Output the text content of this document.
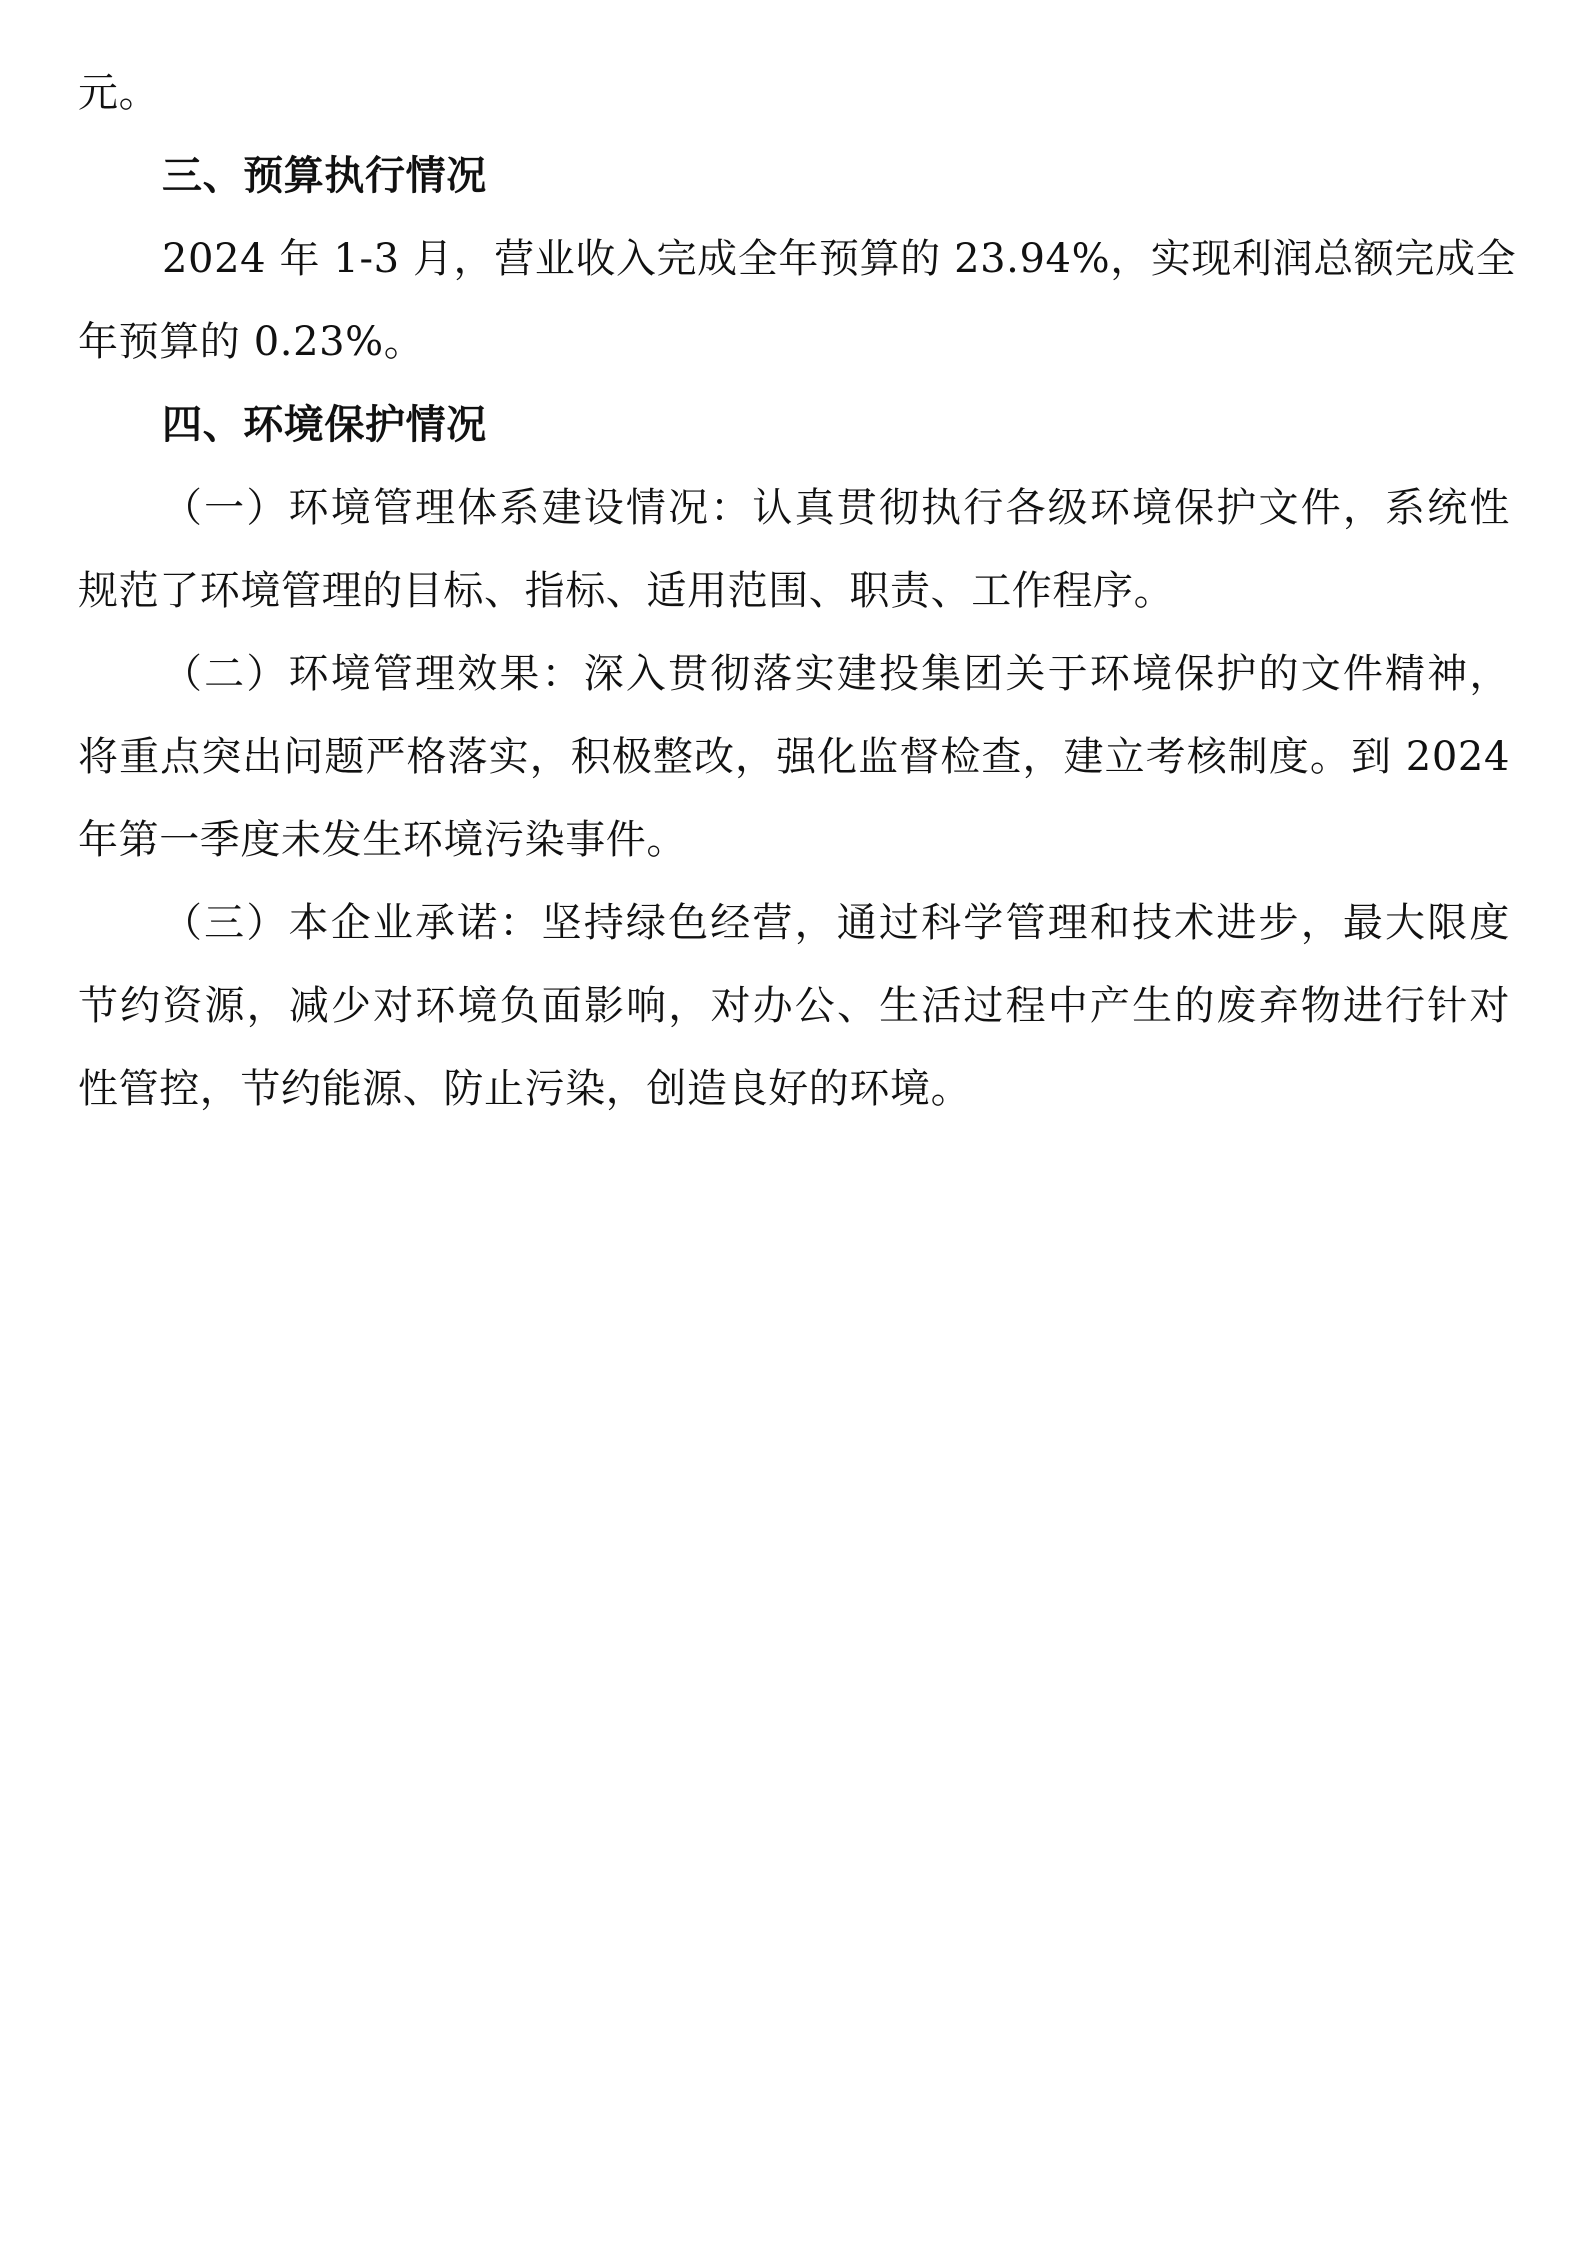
元。

三、预算执行情况

2024 年 1-3 月，营业收入完成全年预算的 23.94%，实现利润总额完成全

年预算的 0.23%。

四、环境保护情况

（一）环境管理体系建设情况：认真贯彻执行各级环境保护文件，系统性

规范了环境管理的目标、指标、适用范围、职责、工作程序。

（二）环境管理效果：深入贯彻落实建投集团关于环境保护的文件精神，

将重点突出问题严格落实，积极整改，强化监督检查，建立考核制度。到 2024

年第一季度未发生环境污染事件。

（三）本企业承诺：坚持绿色经营，通过科学管理和技术进步，最大限度

节约资源，减少对环境负面影响，对办公、生活过程中产生的废弃物进行针对

性管控，节约能源、防止污染，创造良好的环境。
